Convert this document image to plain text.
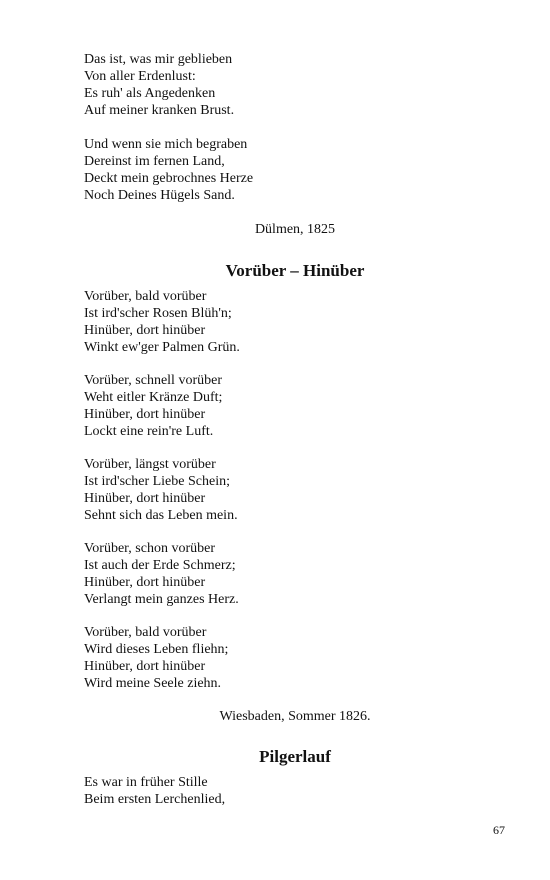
Das ist, was mir geblieben
Von aller Erdenlust:
Es ruh' als Angedenken
Auf meiner kranken Brust.
Und wenn sie mich begraben
Dereinst im fernen Land,
Deckt mein gebrochnes Herze
Noch Deines Hügels Sand.
Dülmen, 1825
Vorüber – Hinüber
Vorüber, bald vorüber
Ist ird'scher Rosen Blüh'n;
Hinüber, dort hinüber
Winkt ew'ger Palmen Grün.
Vorüber, schnell vorüber
Weht eitler Kränze Duft;
Hinüber, dort hinüber
Lockt eine rein're Luft.
Vorüber, längst vorüber
Ist ird'scher Liebe Schein;
Hinüber, dort hinüber
Sehnt sich das Leben mein.
Vorüber, schon vorüber
Ist auch der Erde Schmerz;
Hinüber, dort hinüber
Verlangt mein ganzes Herz.
Vorüber, bald vorüber
Wird dieses Leben fliehn;
Hinüber, dort hinüber
Wird meine Seele ziehn.
Wiesbaden, Sommer 1826.
Pilgerlauf
Es war in früher Stille
Beim ersten Lerchenlied,
67
